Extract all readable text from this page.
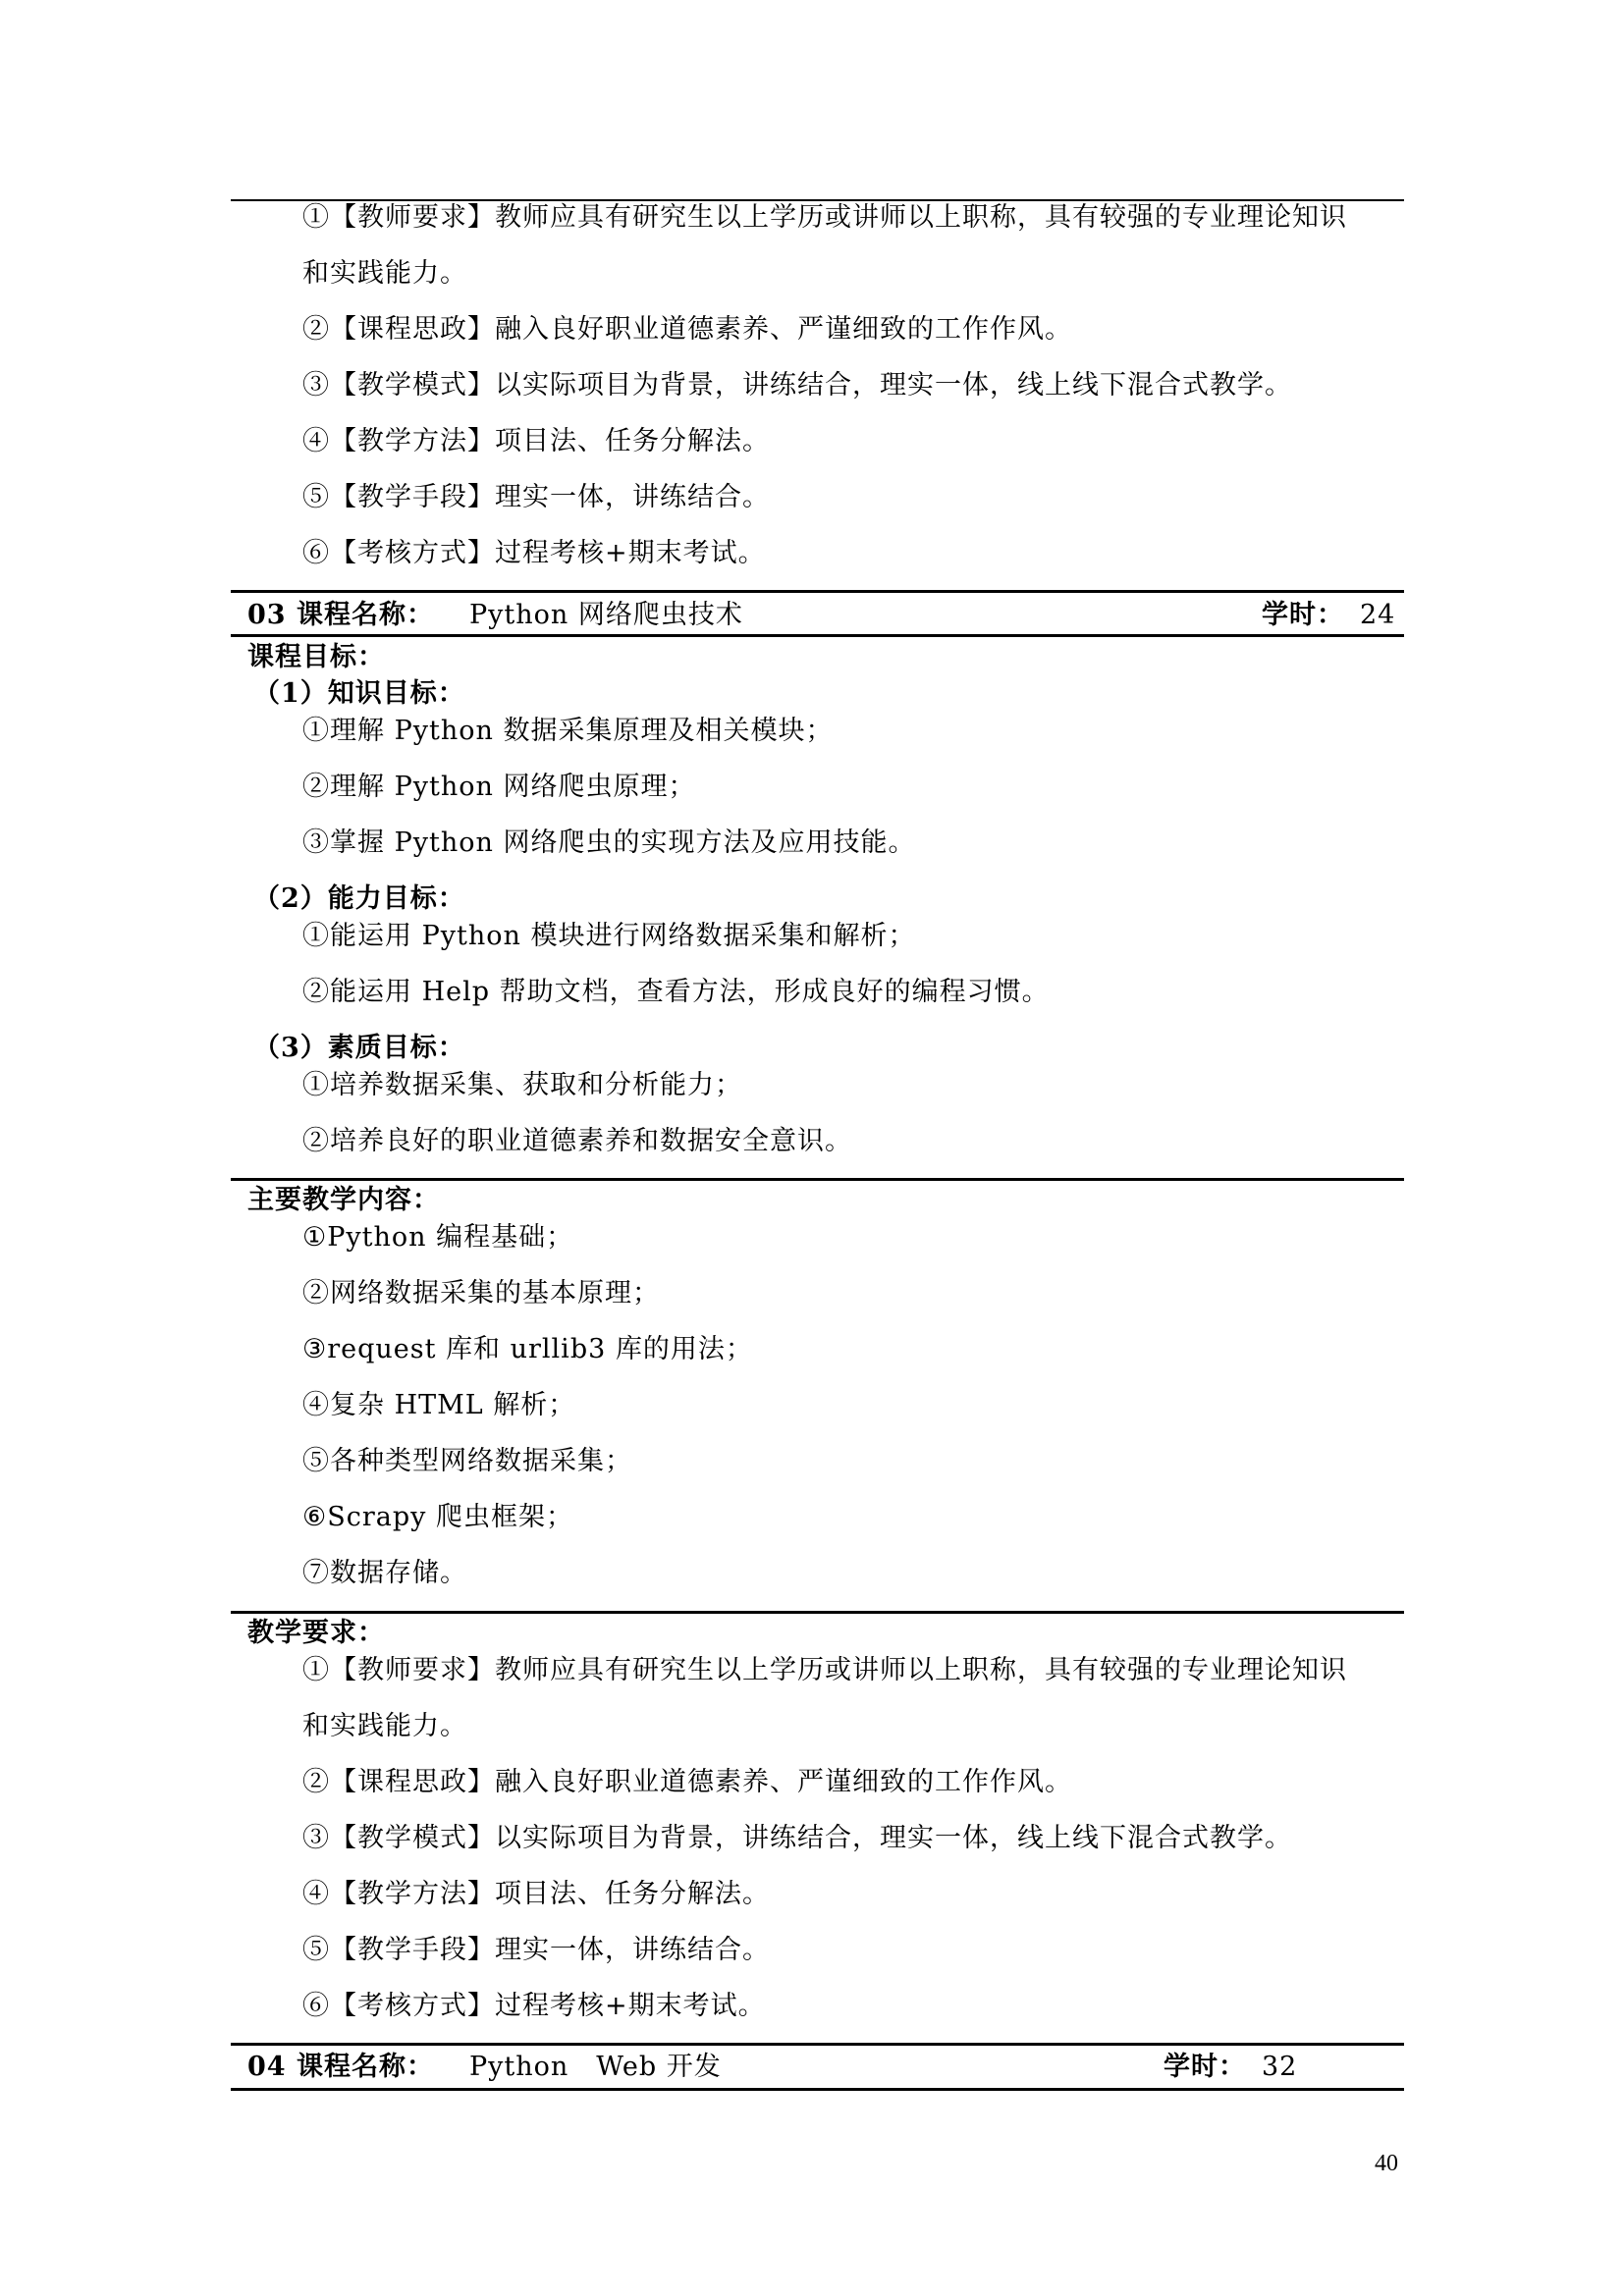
①【教师要求】教师应具有研究生以上学历或讲师以上职称，具有较强的专业理论知识
和实践能力。
②【课程思政】融入良好职业道德素养、严谨细致的工作作风。
③【教学模式】以实际项目为背景，讲练结合，理实一体，线上线下混合式教学。
④【教学方法】项目法、任务分解法。
⑤【教学手段】理实一体，讲练结合。
⑥【考核方式】过程考核+期末考试。
03 课程名称： Python 网络爬虫技术	学时： 24
课程目标：
（1）知识目标：
①理解 Python 数据采集原理及相关模块；
②理解 Python 网络爬虫原理；
③掌握 Python 网络爬虫的实现方法及应用技能。
（2）能力目标：
①能运用 Python 模块进行网络数据采集和解析；
②能运用 Help 帮助文档，查看方法，形成良好的编程习惯。
（3）素质目标：
①培养数据采集、获取和分析能力；
②培养良好的职业道德素养和数据安全意识。
主要教学内容：
①Python 编程基础；
②网络数据采集的基本原理；
③request 库和 urllib3 库的用法；
④复杂 HTML 解析；
⑤各种类型网络数据采集；
⑥Scrapy 爬虫框架；
⑦数据存储。
教学要求：
①【教师要求】教师应具有研究生以上学历或讲师以上职称，具有较强的专业理论知识
和实践能力。
②【课程思政】融入良好职业道德素养、严谨细致的工作作风。
③【教学模式】以实际项目为背景，讲练结合，理实一体，线上线下混合式教学。
④【教学方法】项目法、任务分解法。
⑤【教学手段】理实一体，讲练结合。
⑥【考核方式】过程考核+期末考试。
04 课程名称： Python　Web 开发	学时： 32
40
